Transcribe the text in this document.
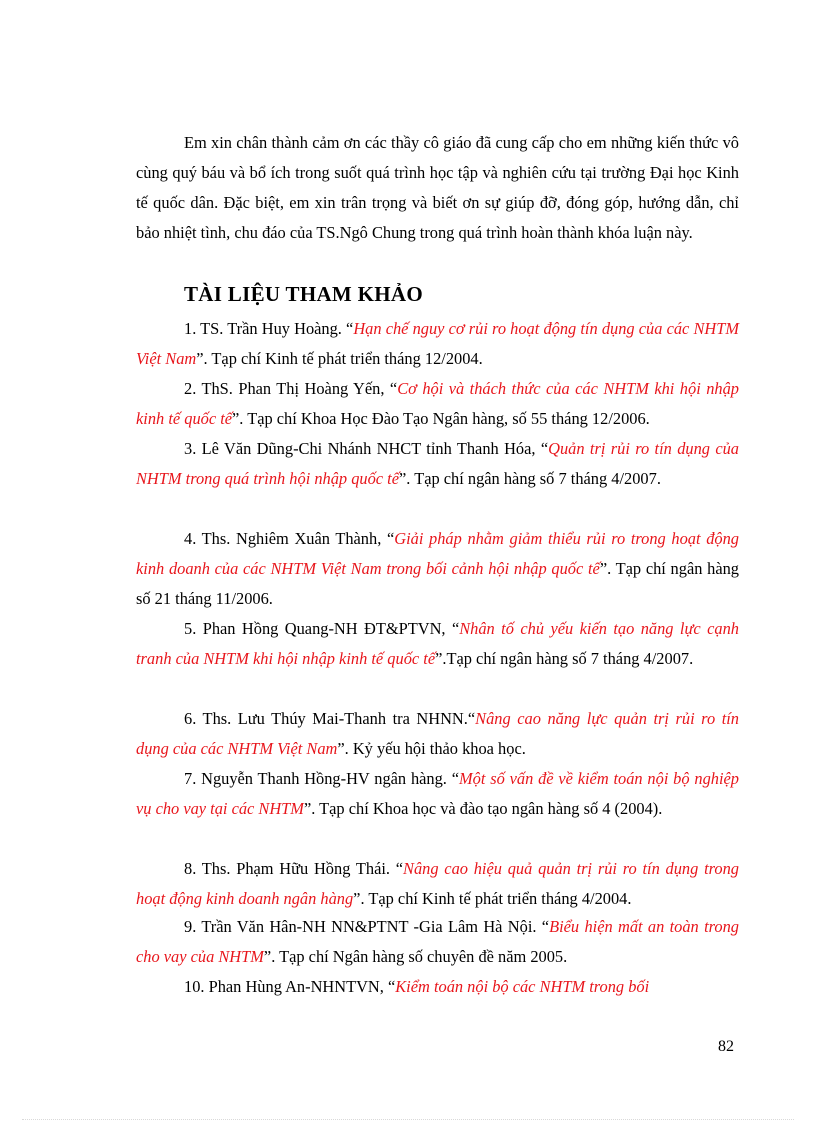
Em xin chân thành cảm ơn các thầy cô giáo đã cung cấp cho em những kiến thức vô cùng quý báu và bổ ích trong suốt quá trình học tập và nghiên cứu tại trường Đại học Kinh tế quốc dân. Đặc biệt, em xin trân trọng và biết ơn sự giúp đỡ, đóng góp, hướng dẫn, chỉ bảo nhiệt tình, chu đáo của TS.Ngô Chung trong quá trình hoàn thành khóa luận này.

TÀI LIỆU THAM KHẢO

1. TS. Trần Huy Hoàng. “Hạn chế nguy cơ rủi ro hoạt động tín dụng của các NHTM Việt Nam”. Tạp chí Kinh tế phát triển tháng 12/2004.

2. ThS. Phan Thị Hoàng Yến, “Cơ hội và thách thức của các NHTM khi hội nhập kinh tế quốc tế”. Tạp chí Khoa Học Đào Tạo Ngân hàng, số 55 tháng 12/2006.

3. Lê Văn Dũng-Chi Nhánh NHCT tỉnh Thanh Hóa, “Quản trị rủi ro tín dụng của NHTM trong quá trình hội nhập quốc tế”. Tạp chí ngân hàng số 7 tháng 4/2007.

4. Ths. Nghiêm Xuân Thành, “Giải pháp nhằm giảm thiểu rủi ro trong hoạt động kinh doanh của các NHTM Việt Nam trong bối cảnh hội nhập quốc tế”. Tạp chí ngân hàng số 21 tháng 11/2006.

5. Phan Hồng Quang-NH ĐT&PTVN, “Nhân tố chủ yếu kiến tạo năng lực cạnh tranh của NHTM khi hội nhập kinh tế quốc tế”.Tạp chí ngân hàng số 7 tháng 4/2007.

6. Ths. Lưu Thúy Mai-Thanh tra NHNN.“Nâng cao năng lực quản trị rủi ro tín dụng của các NHTM Việt Nam”. Kỷ yếu hội thảo khoa học.

7. Nguyễn Thanh Hồng-HV ngân hàng. “Một số vấn đề về kiểm toán nội bộ nghiệp vụ cho vay tại các NHTM”. Tạp chí Khoa học và đào tạo ngân hàng số 4 (2004).

8. Ths. Phạm Hữu Hồng Thái. “Nâng cao hiệu quả quản trị rủi ro tín dụng trong hoạt động kinh doanh ngân hàng”. Tạp chí Kinh tế phát triển tháng 4/2004.

9. Trần Văn Hân-NH NN&PTNT -Gia Lâm Hà Nội. “Biểu hiện mất an toàn trong cho vay của NHTM”. Tạp chí Ngân hàng số chuyên đề năm 2005.

10. Phan Hùng An-NHNTVN, “Kiểm toán nội bộ các NHTM trong bối

82
